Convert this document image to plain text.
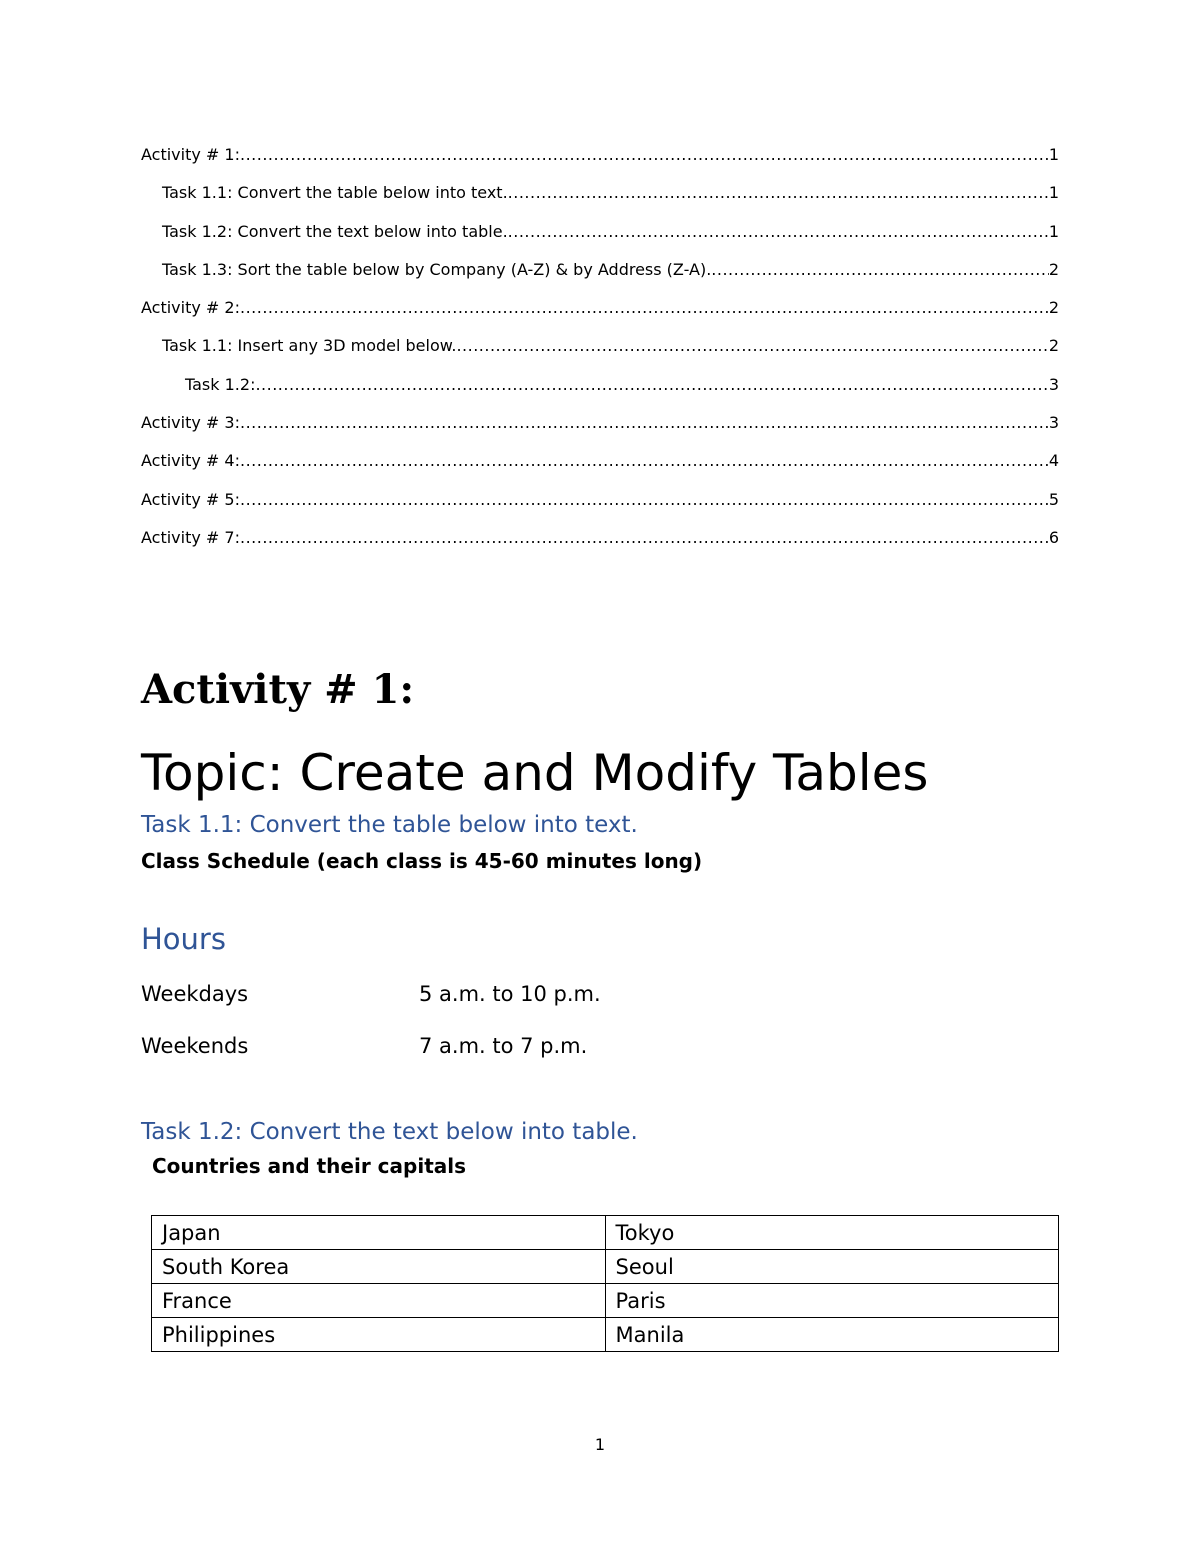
Activity # 1: .....	1
Task 1.1: Convert the table below into text. .....	1
Task 1.2: Convert the text below into table. .....	1
Task 1.3: Sort the table below by Company (A-Z) & by Address (Z-A). .....	2
Activity # 2: .....	2
Task 1.1: Insert any 3D model below. .....	2
Task 1.2: .....	3
Activity # 3: .....	3
Activity # 4: .....	4
Activity # 5: .....	5
Activity # 7: .....	6
Activity # 1:
Topic: Create and Modify Tables
Task 1.1: Convert the table below into text.
Class Schedule (each class is 45-60 minutes long)
Hours
Weekdays	5 a.m. to 10 p.m.
Weekends	7 a.m. to 7 p.m.
Task 1.2: Convert the text below into table.
Countries and their capitals
Japan	Tokyo
South Korea	Seoul
France	Paris
Philippines	Manila
1
